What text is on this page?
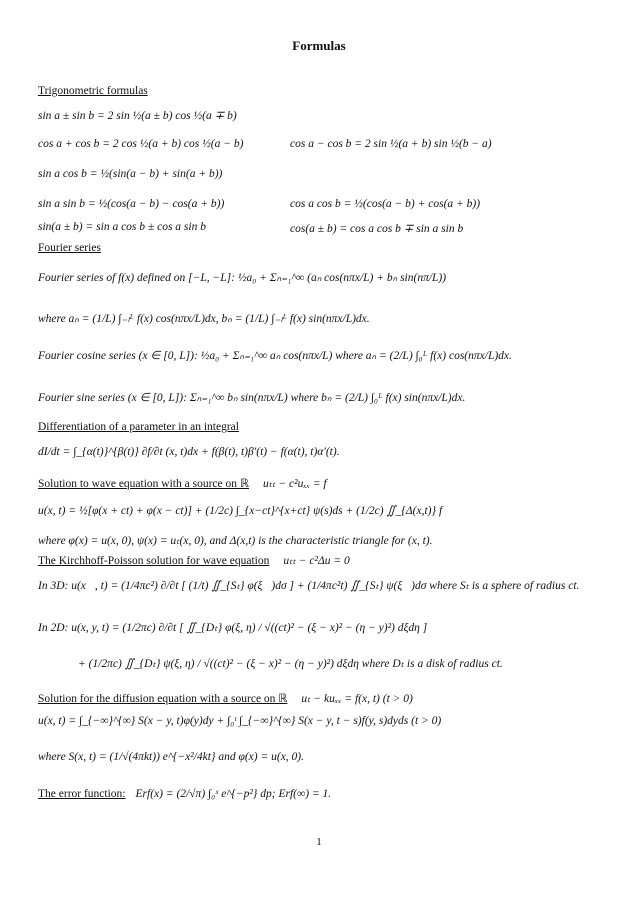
Formulas
Trigonometric formulas
sin a ± sin b = 2 sin ½(a ± b) cos ½(a ∓ b)
cos a + cos b = 2 cos ½(a + b) cos ½(a − b)	cos a − cos b = 2 sin ½(a + b) sin ½(b − a)
sin a cos b = ½(sin(a − b) + sin(a + b))
sin a sin b = ½(cos(a − b) − cos(a + b))	cos a cos b = ½(cos(a − b) + cos(a + b))
sin(a ± b) = sin a cos b ± cos a sin b	cos(a ± b) = cos a cos b ∓ sin a sin b
Fourier series
Fourier series of f(x) defined on [−L, −L]: ½a₀ + Σₙ₌₁^∞ (aₙ cos(nπx/L) + bₙ sin(nπ/L))
where aₙ = (1/L) ∫₋ₗᴸ f(x) cos(nπx/L)dx, bₙ = (1/L) ∫₋ₗᴸ f(x) sin(nπx/L)dx.
Fourier cosine series (x ∈ [0, L]): ½a₀ + Σₙ₌₁^∞ aₙ cos(nπx/L) where aₙ = (2/L) ∫₀ᴸ f(x) cos(nπx/L)dx.
Fourier sine series (x ∈ [0, L]): Σₙ₌₁^∞ bₙ sin(nπx/L) where bₙ = (2/L) ∫₀ᴸ f(x) sin(nπx/L)dx.
Differentiation of a parameter in an integral
dI/dt = ∫_{α(t)}^{β(t)} ∂f/∂t (x, t)dx + f(β(t), t)β′(t) − f(α(t), t)α′(t).
Solution to wave equation with a source on ℝ uₜₜ − c²uₓₓ = f
u(x, t) = ½[φ(x + ct) + φ(x − ct)] + (1/2c) ∫_{x−ct}^{x+ct} ψ(s)ds + (1/2c) ∬_{Δ(x,t)} f
where φ(x) = u(x, 0), ψ(x) = uₜ(x, 0), and Δ(x,t) is the characteristic triangle for (x, t).
The Kirchhoff-Poisson solution for wave equation uₜₜ − c²Δu = 0
In 3D: u(x⃗, t) = (1/4πc²) ∂/∂t [ (1/t) ∬_{Sₜ} φ(ξ⃗)dσ ] + (1/4πc²t) ∬_{Sₜ} ψ(ξ⃗)dσ where Sₜ is a sphere of radius ct.
In 2D: u(x, y, t) = (1/2πc) ∂/∂t [ ∬_{Dₜ} φ(ξ, η) / √((ct)² − (ξ − x)² − (η − y)²) dξdη ]
+ (1/2πc) ∬_{Dₜ} ψ(ξ, η) / √((ct)² − (ξ − x)² − (η − y)²) dξdη where Dₜ is a disk of radius ct.
Solution for the diffusion equation with a source on ℝ uₜ − kuₓₓ = f(x, t) (t > 0)
u(x, t) = ∫_{−∞}^{∞} S(x − y, t)φ(y)dy + ∫₀ᵗ ∫_{−∞}^{∞} S(x − y, t − s)f(y, s)dyds (t > 0)
where S(x, t) = (1/√(4πkt)) e^{−x²/4kt} and φ(x) = u(x, 0).
The error function: Erf(x) = (2/√π) ∫₀ˣ e^{−p²} dp; Erf(∞) = 1.
1
